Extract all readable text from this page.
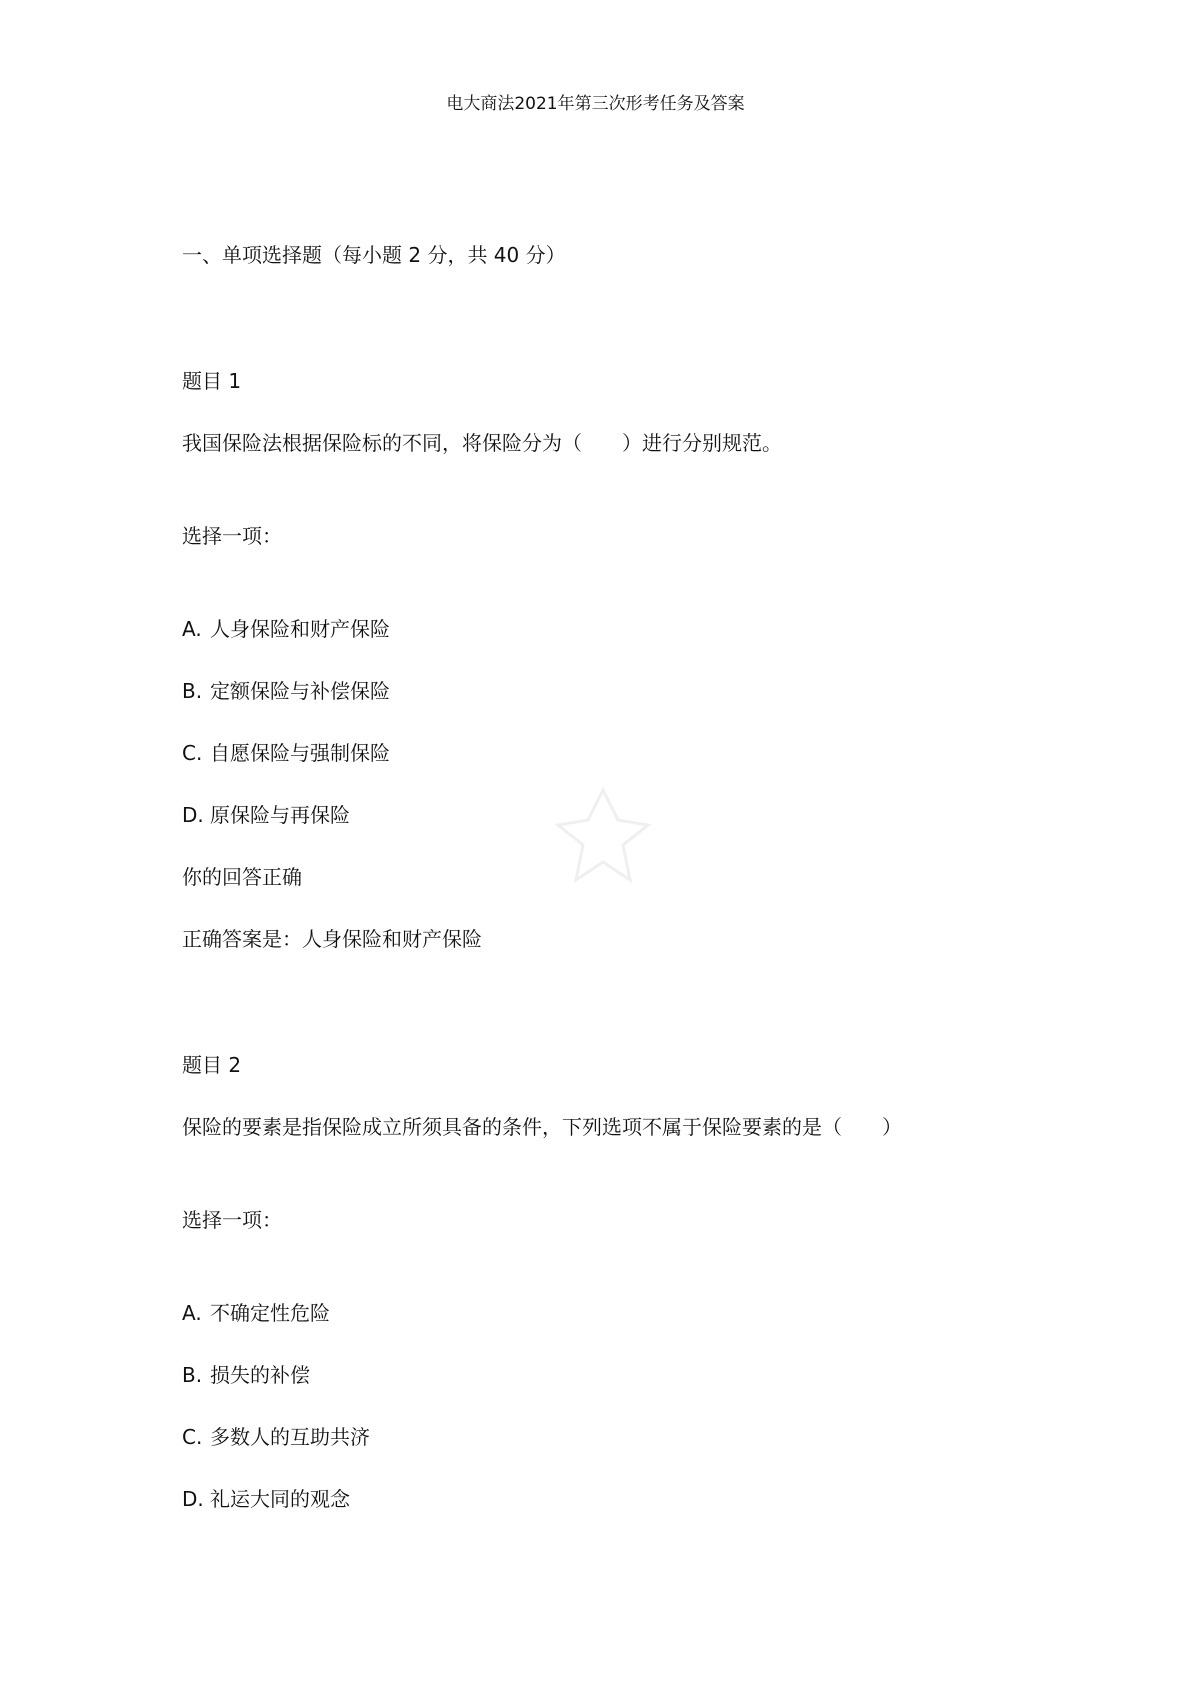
电大商法2021年第三次形考任务及答案
一、单项选择题（每小题 2 分，共 40 分）
题目 1
我国保险法根据保险标的不同，将保险分为（　　）进行分别规范。
选择一项：
A. 人身保险和财产保险
B. 定额保险与补偿保险
C. 自愿保险与强制保险
D. 原保险与再保险
你的回答正确
正确答案是：人身保险和财产保险
题目 2
保险的要素是指保险成立所须具备的条件，下列选项不属于保险要素的是（　　）
选择一项：
A. 不确定性危险
B. 损失的补偿
C. 多数人的互助共济
D. 礼运大同的观念
